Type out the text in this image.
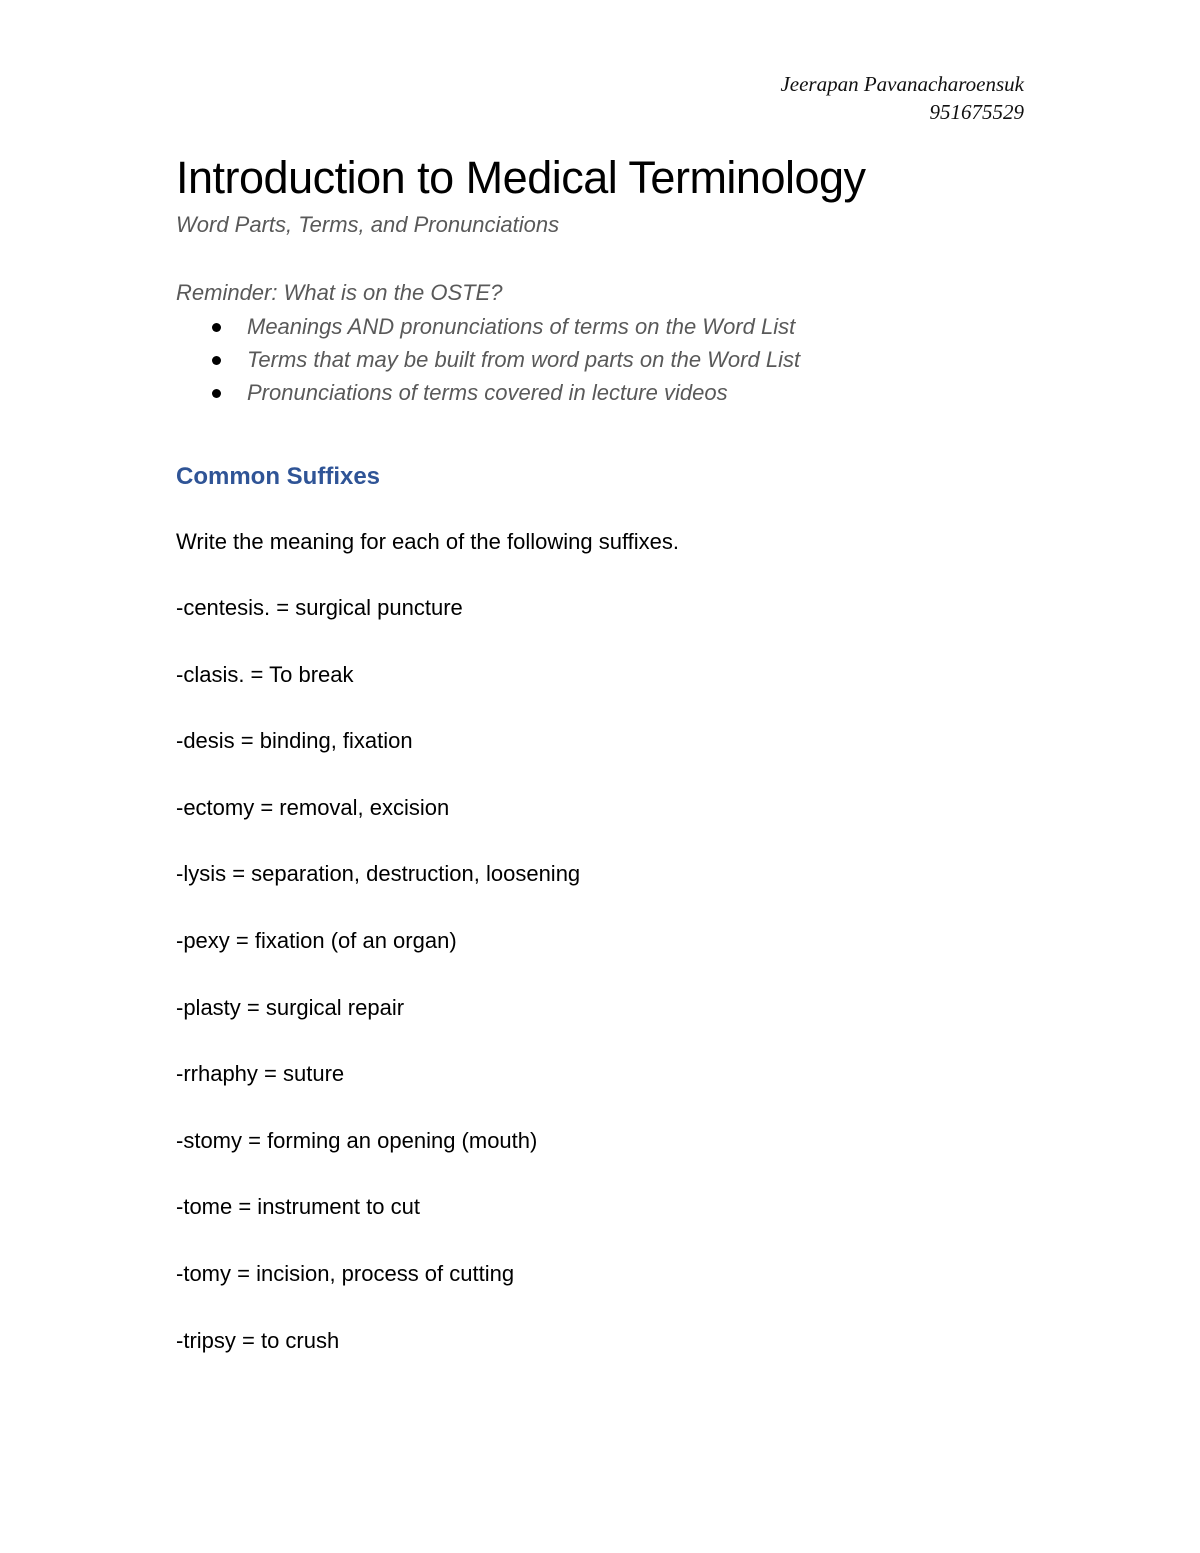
Jeerapan Pavanacharoensuk
951675529
Introduction to Medical Terminology
Word Parts, Terms, and Pronunciations
Reminder: What is on the OSTE?
Meanings AND pronunciations of terms on the Word List
Terms that may be built from word parts on the Word List
Pronunciations of terms covered in lecture videos
Common Suffixes
Write the meaning for each of the following suffixes.
-centesis. = surgical puncture
-clasis. = To break
-desis = binding, fixation
-ectomy = removal, excision
-lysis = separation, destruction, loosening
-pexy = fixation (of an organ)
-plasty = surgical repair
-rrhaphy = suture
-stomy = forming an opening (mouth)
-tome = instrument to cut
-tomy = incision, process of cutting
-tripsy = to crush
